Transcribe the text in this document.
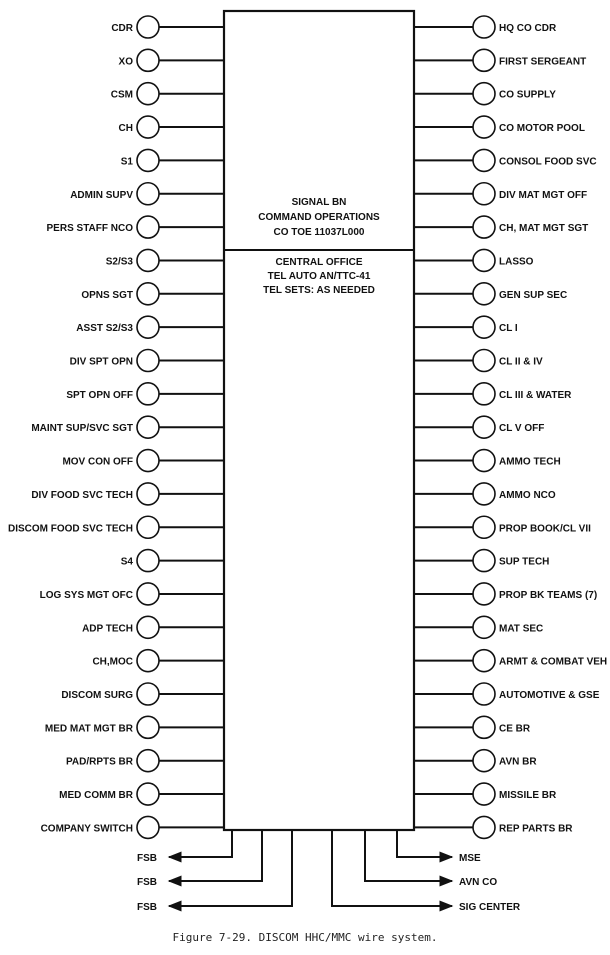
SIGNAL BN
COMMAND OPERATIONS
CO TOE 11037L000
CENTRAL OFFICE
TEL AUTO AN/TTC-41
TEL SETS: AS NEEDED
CDR
XO
CSM
CH
S1
ADMIN SUPV
PERS STAFF NCO
S2/S3
OPNS SGT
ASST S2/S3
DIV SPT OPN
SPT OPN OFF
MAINT SUP/SVC SGT
MOV CON OFF
DIV FOOD SVC TECH
DISCOM FOOD SVC TECH
S4
LOG SYS MGT OFC
ADP TECH
CH,MOC
DISCOM SURG
MED MAT MGT BR
PAD/RPTS BR
MED COMM BR
COMPANY SWITCH
HQ CO CDR
FIRST SERGEANT
CO SUPPLY
CO MOTOR POOL
CONSOL FOOD SVC
DIV MAT MGT OFF
CH, MAT MGT SGT
LASSO
GEN SUP SEC
CL I
CL II & IV
CL III & WATER
CL V OFF
AMMO TECH
AMMO NCO
PROP BOOK/CL VII
SUP TECH
PROP BK TEAMS (7)
MAT SEC
ARMT & COMBAT VEH
AUTOMOTIVE & GSE
CE BR
AVN BR
MISSILE BR
REP PARTS BR
FSB
FSB
FSB
MSE
AVN CO
SIG CENTER
Figure 7-29. DISCOM HHC/MMC wire system.
